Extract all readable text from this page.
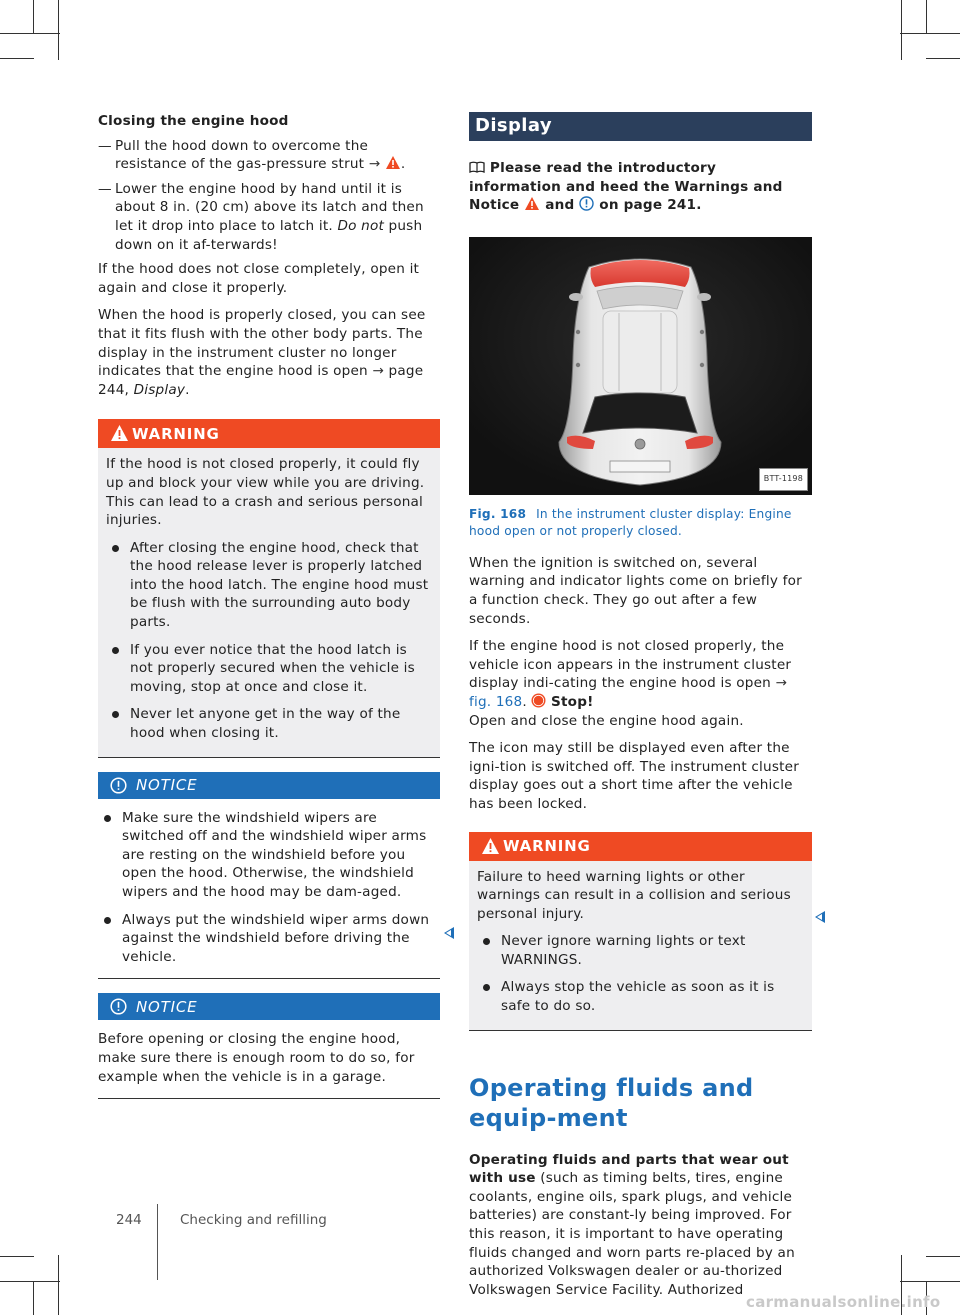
Closing the engine hood

— Pull the hood down to overcome the resistance of the gas-pressure strut → .

— Lower the engine hood by hand until it is about 8 in. (20 cm) above its latch and then let it drop into place to latch it. Do not push down on it af-terwards!

If the hood does not close completely, open it again and close it properly.

When the hood is properly closed, you can see that it fits flush with the other body parts. The display in the instrument cluster no longer indicates that the engine hood is open → page 244, Display.

WARNING

If the hood is not closed properly, it could fly up and block your view while you are driving. This can lead to a crash and serious personal injuries.

After closing the engine hood, check that the hood release lever is properly latched into the hood latch. The engine hood must be flush with the surrounding auto body parts.

If you ever notice that the hood latch is not properly secured when the vehicle is moving, stop at once and close it.

Never let anyone get in the way of the hood when closing it.

NOTICE

Make sure the windshield wipers are switched off and the windshield wiper arms are resting on the windshield before you open the hood. Otherwise, the windshield wipers and the hood may be dam-aged.

Always put the windshield wiper arms down against the windshield before driving the vehicle.

NOTICE

Before opening or closing the engine hood, make sure there is enough room to do so, for example when the vehicle is in a garage.

Display

Please read the introductory information and heed the Warnings and Notice  and  on page 241.

BTT-1198

Fig. 168 In the instrument cluster display: Engine hood open or not properly closed.

When the ignition is switched on, several warning and indicator lights come on briefly for a function check. They go out after a few seconds.

If the engine hood is not closed properly, the vehicle icon appears in the instrument cluster display indi-cating the engine hood is open → fig. 168.  Stop!
Open and close the engine hood again.

The icon may still be displayed even after the igni-tion is switched off. The instrument cluster display goes out a short time after the vehicle has been locked.

WARNING

Failure to heed warning lights or other warnings can result in a collision and serious personal injury.

Never ignore warning lights or text WARNINGS.

Always stop the vehicle as soon as it is safe to do so.

Operating fluids and equip-ment

Operating fluids and parts that wear out with use (such as timing belts, tires, engine coolants, engine oils, spark plugs, and vehicle batteries) are constant-ly being improved. For this reason, it is important to have operating fluids changed and worn parts re-placed by an authorized Volkswagen dealer or au-thorized Volkswagen Service Facility. Authorized

244	Checking and refilling
carmanualsonline.info
